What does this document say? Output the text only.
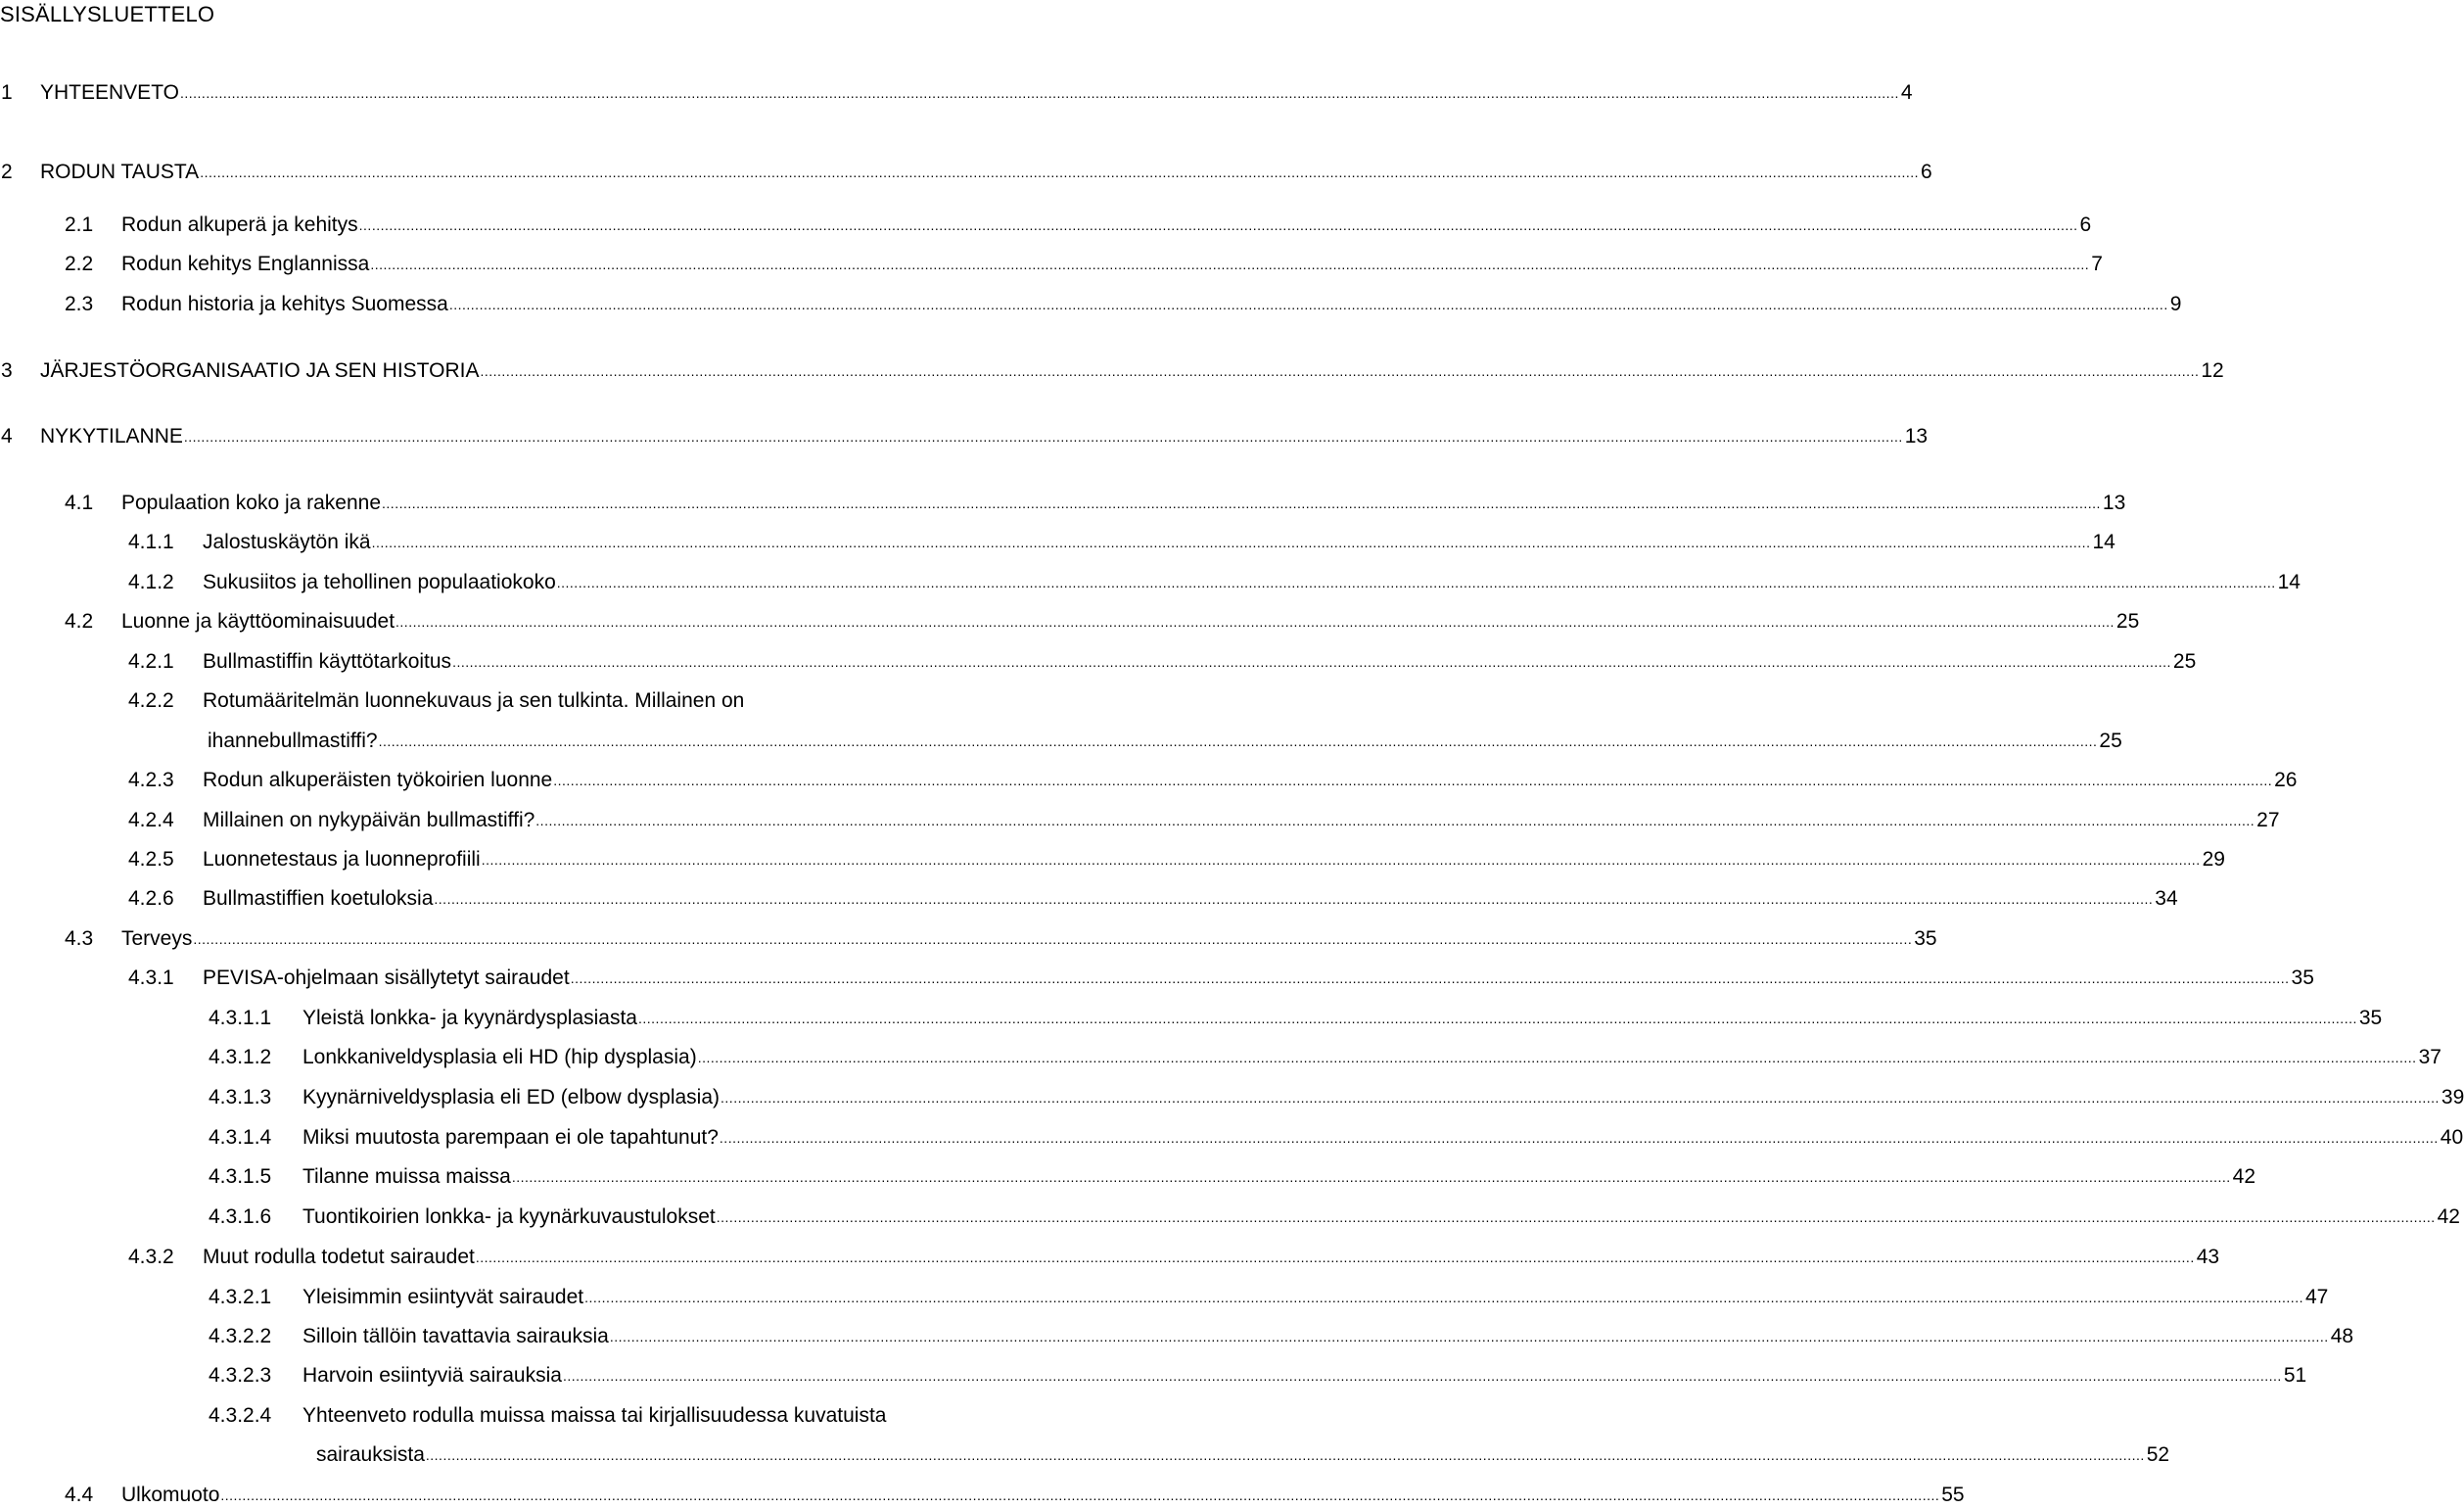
SISÄLLYSLUETTELO
1 YHTEENVETO ................................................................................................................................................................................................................................................................................................................................................................................................................ 4
2 RODUN TAUSTA ................................................................................................................................................................................................................................................................................................................................................................................................................ 6
2.1 Rodun alkuperä ja kehitys ................................................................................................................................................................................................................................................................................................................................................................................................................ 6
2.2 Rodun kehitys Englannissa ................................................................................................................................................................................................................................................................................................................................................................................................................ 7
2.3 Rodun historia ja kehitys Suomessa ................................................................................................................................................................................................................................................................................................................................................................................................................ 9
3 JÄRJESTÖORGANISAATIO JA SEN HISTORIA ................................................................................................................................................................................................................................................................................................................................................................................................................ 12
4 NYKYTILANNE ................................................................................................................................................................................................................................................................................................................................................................................................................ 13
4.1 Populaation koko ja rakenne ................................................................................................................................................................................................................................................................................................................................................................................................................ 13
4.1.1 Jalostuskäytön ikä ................................................................................................................................................................................................................................................................................................................................................................................................................ 14
4.1.2 Sukusiitos ja tehollinen populaatiokoko ................................................................................................................................................................................................................................................................................................................................................................................................................ 14
4.2 Luonne ja käyttöominaisuudet ................................................................................................................................................................................................................................................................................................................................................................................................................ 25
4.2.1 Bullmastiffin käyttötarkoitus ................................................................................................................................................................................................................................................................................................................................................................................................................ 25
4.2.2 Rotumääritelmän luonnekuvaus ja sen tulkinta. Millainen on
ihannebullmastiffi? ................................................................................................................................................................................................................................................................................................................................................................................................................ 25
4.2.3 Rodun alkuperäisten työkoirien luonne ................................................................................................................................................................................................................................................................................................................................................................................................................ 26
4.2.4 Millainen on nykypäivän bullmastiffi? ................................................................................................................................................................................................................................................................................................................................................................................................................ 27
4.2.5 Luonnetestaus ja luonneprofiili ................................................................................................................................................................................................................................................................................................................................................................................................................ 29
4.2.6 Bullmastiffien koetuloksia ................................................................................................................................................................................................................................................................................................................................................................................................................ 34
4.3 Terveys ................................................................................................................................................................................................................................................................................................................................................................................................................ 35
4.3.1 PEVISA-ohjelmaan sisällytetyt sairaudet ................................................................................................................................................................................................................................................................................................................................................................................................................ 35
4.3.1.1 Yleistä lonkka- ja kyynärdysplasiasta ................................................................................................................................................................................................................................................................................................................................................................................................................ 35
4.3.1.2 Lonkkaniveldysplasia eli HD (hip dysplasia) ................................................................................................................................................................................................................................................................................................................................................................................................................ 37
4.3.1.3 Kyynärniveldysplasia eli ED (elbow dysplasia) ................................................................................................................................................................................................................................................................................................................................................................................................................ 39
4.3.1.4 Miksi muutosta parempaan ei ole tapahtunut? ................................................................................................................................................................................................................................................................................................................................................................................................................ 40
4.3.1.5 Tilanne muissa maissa ................................................................................................................................................................................................................................................................................................................................................................................................................ 42
4.3.1.6 Tuontikoirien lonkka- ja kyynärkuvaustulokset ................................................................................................................................................................................................................................................................................................................................................................................................................ 42
4.3.2 Muut rodulla todetut sairaudet ................................................................................................................................................................................................................................................................................................................................................................................................................ 43
4.3.2.1 Yleisimmin esiintyvät sairaudet ................................................................................................................................................................................................................................................................................................................................................................................................................ 47
4.3.2.2 Silloin tällöin tavattavia sairauksia ................................................................................................................................................................................................................................................................................................................................................................................................................ 48
4.3.2.3 Harvoin esiintyviä sairauksia ................................................................................................................................................................................................................................................................................................................................................................................................................ 51
4.3.2.4 Yhteenveto rodulla muissa maissa tai kirjallisuudessa kuvatuista
sairauksista ................................................................................................................................................................................................................................................................................................................................................................................................................ 52
4.4 Ulkomuoto ................................................................................................................................................................................................................................................................................................................................................................................................................ 55
